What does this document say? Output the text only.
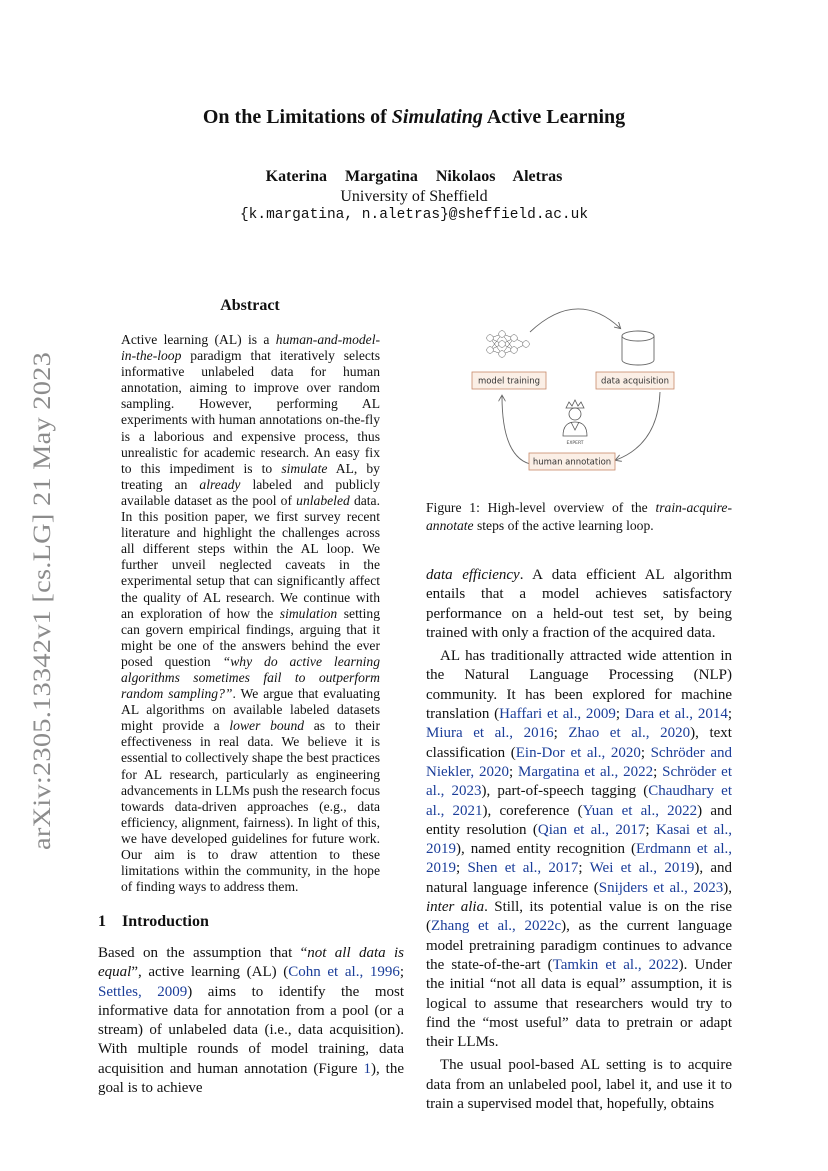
arXiv:2305.13342v1 [cs.LG] 21 May 2023
On the Limitations of Simulating Active Learning
Katerina Margatina Nikolaos Aletras
University of Sheffield
{k.margatina, n.aletras}@sheffield.ac.uk
Abstract
Active learning (AL) is a human-and-model-in-the-loop paradigm that iteratively selects informative unlabeled data for human annotation, aiming to improve over random sampling. However, performing AL experiments with human annotations on-the-fly is a laborious and expensive process, thus unrealistic for academic research. An easy fix to this impediment is to simulate AL, by treating an already labeled and publicly available dataset as the pool of unlabeled data. In this position paper, we first survey recent literature and highlight the challenges across all different steps within the AL loop. We further unveil neglected caveats in the experimental setup that can significantly affect the quality of AL research. We continue with an exploration of how the simulation setting can govern empirical findings, arguing that it might be one of the answers behind the ever posed question “why do active learning algorithms sometimes fail to outperform random sampling?”. We argue that evaluating AL algorithms on available labeled datasets might provide a lower bound as to their effectiveness in real data. We believe it is essential to collectively shape the best practices for AL research, particularly as engineering advancements in LLMs push the research focus towards data-driven approaches (e.g., data efficiency, alignment, fairness). In light of this, we have developed guidelines for future work. Our aim is to draw attention to these limitations within the community, in the hope of finding ways to address them.
1 Introduction

Based on the assumption that “not all data is equal”, active learning (AL) (Cohn et al., 1996; Settles, 2009) aims to identify the most informative data for annotation from a pool (or a stream) of unlabeled data (i.e., data acquisition). With multiple rounds of model training, data acquisition and human annotation (Figure 1), the goal is to achieve

data efficiency. A data efficient AL algorithm entails that a model achieves satisfactory performance on a held-out test set, by being trained with only a fraction of the acquired data.

AL has traditionally attracted wide attention in the Natural Language Processing (NLP) community. It has been explored for machine translation (Haffari et al., 2009; Dara et al., 2014; Miura et al., 2016; Zhao et al., 2020), text classification (Ein-Dor et al., 2020; Schröder and Niekler, 2020; Margatina et al., 2022; Schröder et al., 2023), part-of-speech tagging (Chaudhary et al., 2021), coreference (Yuan et al., 2022) and entity resolution (Qian et al., 2017; Kasai et al., 2019), named entity recognition (Erdmann et al., 2019; Shen et al., 2017; Wei et al., 2019), and natural language inference (Snijders et al., 2023), inter alia. Still, its potential value is on the rise (Zhang et al., 2022c), as the current language model pretraining paradigm continues to advance the state-of-the-art (Tamkin et al., 2022). Under the initial “not all data is equal” assumption, it is logical to assume that researchers would try to find the “most useful” data to pretrain or adapt their LLMs.

The usual pool-based AL setting is to acquire data from an unlabeled pool, label it, and use it to train a supervised model that, hopefully, obtains

EXPERT
model training	data acquisition
human annotation
Figure 1: High-level overview of the train-acquire-annotate steps of the active learning loop.
